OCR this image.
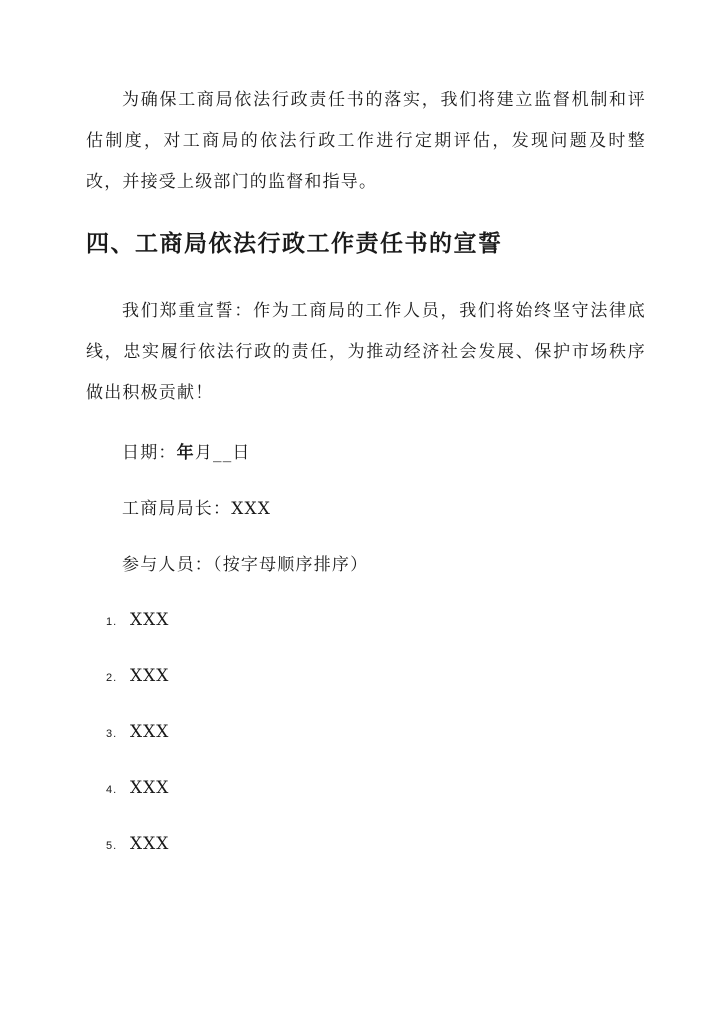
为确保工商局依法行政责任书的落实，我们将建立监督机制和评估制度，对工商局的依法行政工作进行定期评估，发现问题及时整改，并接受上级部门的监督和指导。

四、工商局依法行政工作责任书的宣誓

我们郑重宣誓：作为工商局的工作人员，我们将始终坚守法律底线，忠实履行依法行政的责任，为推动经济社会发展、保护市场秩序做出积极贡献！

日期：年月__日
工商局局长：XXX
参与人员：（按字母顺序排序）
1. XXX
2. XXX
3. XXX
4. XXX
5. XXX
